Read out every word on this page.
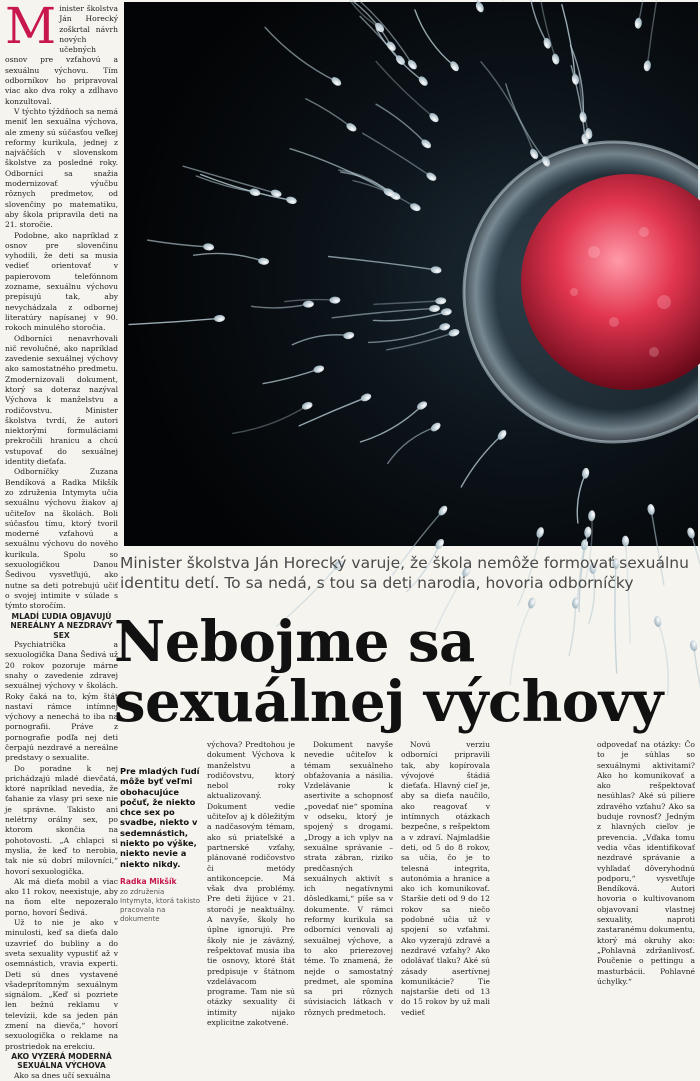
M inister školstva Ján Horecký zoškrtal návrh nových učebných osnov pre vzťahovú a sexuálnu výchovu. Tím odborníkov ho pripravoval viac ako dva roky a zdĺhavo konzultoval.

V týchto týždňoch sa nemá meniť len sexuálna výchova, ale zmeny sú súčasťou veľkej reformy kurikula, jednej z najväčších v slovenskom školstve za posledné roky. Odborníci sa snažia modernizovať výučbu rôznych predmetov, od slovenčiny po matematiku, aby škola pripravila deti na 21. storočie.

Podobne, ako napríklad z osnov pre slovenčinu vyhodili, že deti sa musia vedieť orientovať v papierovom telefónnom zozname, sexuálnu výchovu prepísujú tak, aby nevychádzala z odbornej literatúry napísanej v 90. rokoch minulého storočia.

Odborníci nenavrhovali nič revolučné, ako napríklad zavedenie sexuálnej výchovy ako samostatného predmetu. Zmodernizovali dokument, ktorý sa doteraz nazýval Výchova k manželstvu a rodičovstvu. Minister školstva tvrdí, že autori niektorými formuláciami prekročili hranicu a chcú vstupovať do sexuálnej identity dieťaťa.

Odborníčky Zuzana Bendíková a Radka Mikšík zo združenia Intymyta učia sexuálnu výchovu žiakov aj učiteľov na školách. Boli súčasťou tímu, ktorý tvoril moderné vzťahovú a sexuálnu výchovu do nového kurikula. Spolu so sexuologičkou Danou Šedivou vysvetľujú, ako nutne sa deti potrebujú učiť o svojej intimite v súlade s týmto storočím.

MLADÍ ĽUDIA OBJAVUJÚ NEREÁLNY A NEZDRAVÝ SEX

Psychiatrička a sexuologička Dana Šedivá už 20 rokov pozoruje márne snahy o zavedenie zdravej sexuálnej výchovy v školách. Roky čaká na to, kým štát nastaví rámce intímnej výchovy a nenechá to iba na pornografii. Práve z pornografie podľa nej deti čerpajú nezdravé a nereálne predstavy o sexualite.

Do poradne k nej prichádzajú mladé dievčatá, ktoré napríklad nevedia, že ťahanie za vlasy pri sexe nie je správne. Takisto ani nelétrny orálny sex, po ktorom skončia na pohotovosti. „A chlapci si myslia, že keď to nerobia, tak nie sú dobrí milovníci,“ hovorí sexuologička.

Ak má dieťa mobil a viac ako 11 rokov, neexistuje, aby na ňom elte nepozeralo porno, hovorí Šedivá.

Už to nie je ako v minulosti, keď sa dieťa dalo uzavrieť do bubliny a do sveta sexuality vypustiť až v osemnástich, vravia experti. Deti sú dnes vystavené všadeprítomným sexuálnym signálom. „Keď si pozriete len bežnú reklamu v televízii, kde sa jeden pán zmení na dievča,“ hovorí sexuologička o reklame na prostriedok na erekciu.

AKO VYZERÁ MODERNÁ SEXUÁLNA VÝCHOVA

Ako sa dnes učí sexuálna

Minister školstva Ján Horecký varuje, že škola nemôže formovať sexuálnu identitu detí. To sa nedá, s tou sa deti narodia, hovoria odborníčky
Nebojme sa
sexuálnej výchovy
Pre mladých ľudí môže byť veľmi obohacujúce počuť, že niekto chce sex po svadbe, niekto v sedemnástich, niekto po výške, niekto nevie a niekto nikdy.
Radka Mikšík
zo združenia Intymyta, ktorá takisto pracovala na dokumente

výchova? Predtohou je dokument Výchova k manželstvu a rodičovstvu, ktorý nebol roky aktualizovaný. Dokument vedie učiteľov aj k dôležitým a nadčasovým témam, ako sú priateľské a partnerské vzťahy, plánované rodičovstvo či metódy antikoncepcie. Má však dva problémy. Pre deti žijúce v 21. storočí je neaktuálny. A navyše, školy ho úplne ignorujú. Pre školy nie je záväzný, rešpektovať musia iba tie osnovy, ktoré štát predpisuje v štátnom vzdelávacom programe. Tam nie sú otázky sexuality či intimity nijako explicitne zakotvené.

Dokument navyše nevedie učiteľov k témam sexuálneho obťažovania a násilia. Vzdelávanie k asertivite a schopnosť „povedať nie“ spomína v odseku, ktorý je spojený s drogami. „Drogy a ich vplyv na sexuálne správanie – strata zábran, riziko predčasných sexuálnych aktivít s ich negatívnymi dôsledkami,“ píše sa v dokumente. V rámci reformy kurikula sa odborníci venovali aj sexuálnej výchove, a to ako prierezovej téme. To znamená, že nejde o samostatný predmet, ale spomína sa pri rôznych súvisiacich látkach v rôznych predmetoch.

Novú verziu odborníci pripravili tak, aby kopírovala vývojové štádiá dieťaťa. Hlavný cieľ je, aby sa dieťa naučilo, ako reagovať v intímnych otázkach bezpečne, s rešpektom a v zdraví. Najmladšie deti, od 5 do 8 rokov, sa učia, čo je to telesná integrita, autonómia a hranice a ako ich komunikovať. Staršie deti od 9 do 12 rokov sa niečo podobné učia už v spojení so vzťahmi. Ako vyzerajú zdravé a nezdravé vzťahy? Ako odolávať tlaku? Aké sú zásady asertívnej komunikácie? Tie najstaršie deti od 13 do 15 rokov by už mali vedieť

odpovedať na otázky: Čo to je súhlas so sexuálnymi aktivitami? Ako ho komunikovať a ako rešpektovať nesúhlas? Aké sú piliere zdravého vzťahu? Ako sa buduje rovnosť? Jedným z hlavných cieľov je prevencia. „Vďaka tomu vedia včas identifikovať nezdravé správanie a vyhľadať dôveryhodnú podporu,“ vysvetľuje Bendíková. Autori hovoria o kultivovanom objavovaní vlastnej sexuality, naproti zastaranému dokumentu, ktorý má okruhy ako: „Pohlavná zdržanlivosť. Poučenie o pettingu a masturbácii. Pohlavné úchylky.“
